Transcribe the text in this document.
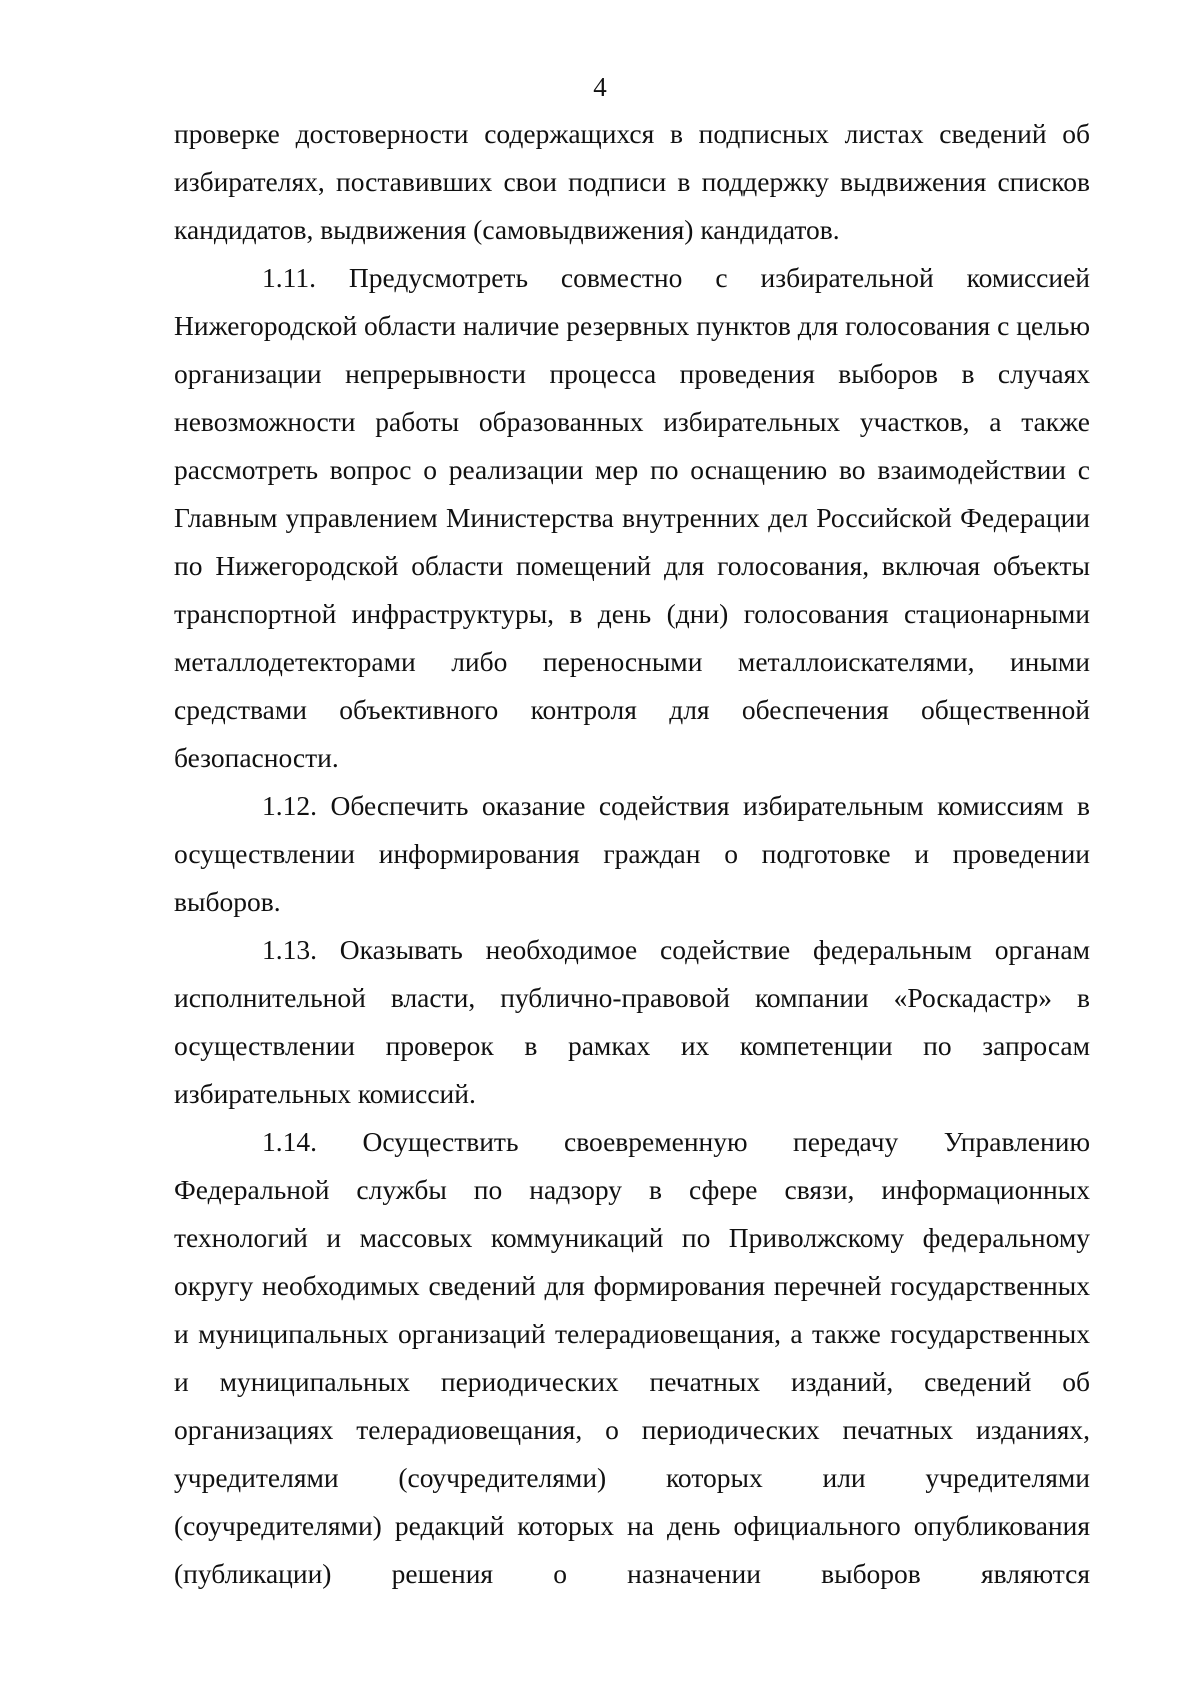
4

проверке достоверности содержащихся в подписных листах сведений об избирателях, поставивших свои подписи в поддержку выдвижения списков кандидатов, выдвижения (самовыдвижения) кандидатов.

1.11. Предусмотреть совместно с избирательной комиссией Нижегородской области наличие резервных пунктов для голосования с целью организации непрерывности процесса проведения выборов в случаях невозможности работы образованных избирательных участков, а также рассмотреть вопрос о реализации мер по оснащению во взаимодействии с Главным управлением Министерства внутренних дел Российской Федерации по Нижегородской области помещений для голосования, включая объекты транспортной инфраструктуры, в день (дни) голосования стационарными металлодетекторами либо переносными металлоискателями, иными средствами объективного контроля для обеспечения общественной безопасности.

1.12. Обеспечить оказание содействия избирательным комиссиям в осуществлении информирования граждан о подготовке и проведении выборов.

1.13. Оказывать необходимое содействие федеральным органам исполнительной власти, публично-правовой компании «Роскадастр» в осуществлении проверок в рамках их компетенции по запросам избирательных комиссий.

1.14. Осуществить своевременную передачу Управлению Федеральной службы по надзору в сфере связи, информационных технологий и массовых коммуникаций по Приволжскому федеральному округу необходимых сведений для формирования перечней государственных и муниципальных организаций телерадиовещания, а также государственных и муниципальных периодических печатных изданий, сведений об организациях телерадиовещания, о периодических печатных изданиях, учредителями (соучредителями) которых или учредителями (соучредителями) редакций которых на день официального опубликования (публикации) решения о назначении выборов являются
